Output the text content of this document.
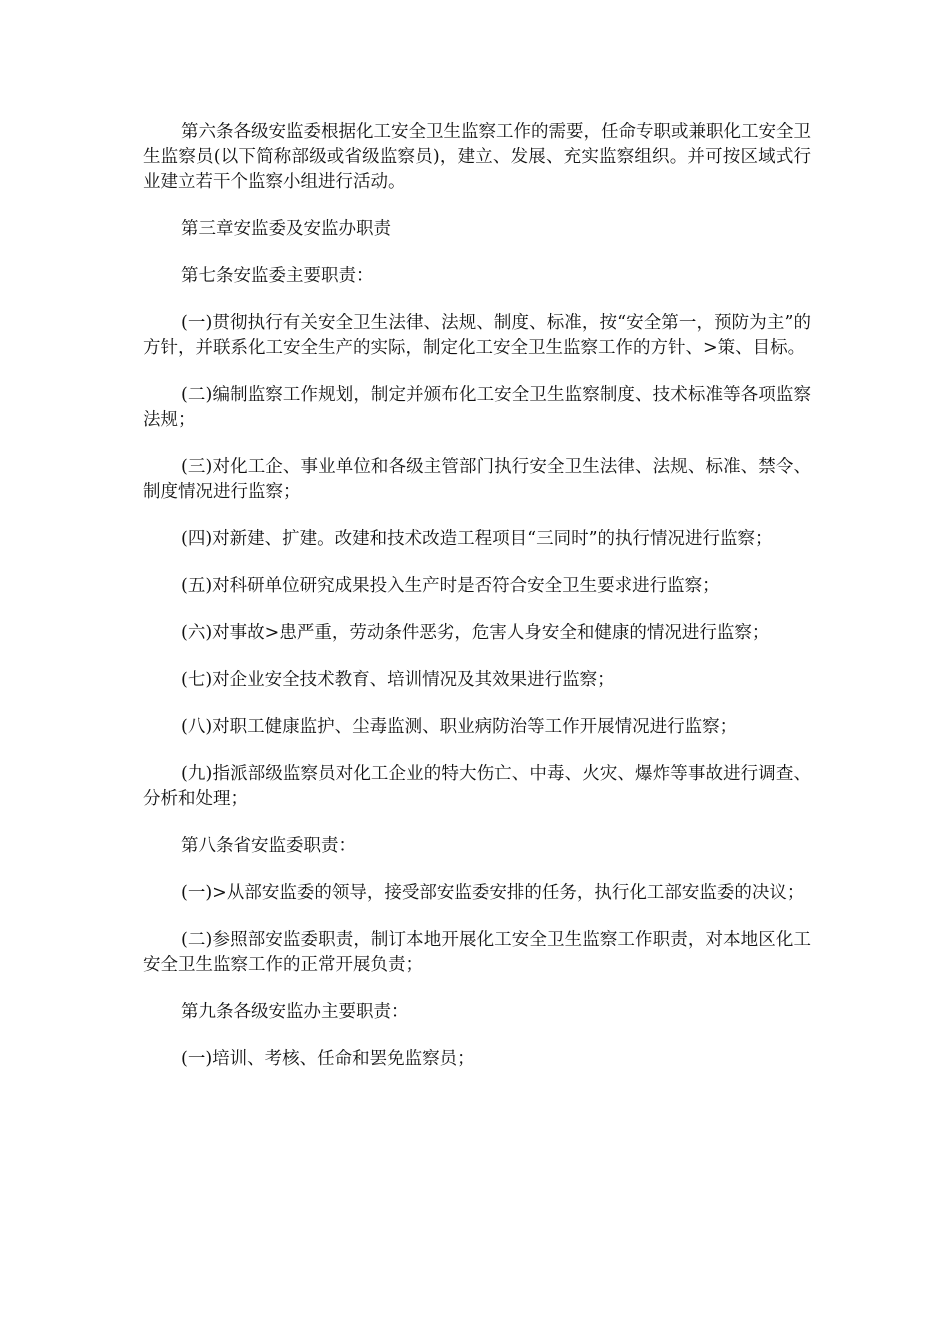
第六条各级安监委根据化工安全卫生监察工作的需要，任命专职或兼职化工安全卫生监察员(以下简称部级或省级监察员)，建立、发展、充实监察组织。并可按区域式行业建立若干个监察小组进行活动。

第三章安监委及安监办职责

第七条安监委主要职责：

(一)贯彻执行有关安全卫生法律、法规、制度、标准，按“安全第一，预防为主”的方针，并联系化工安全生产的实际，制定化工安全卫生监察工作的方针、>策、目标。

(二)编制监察工作规划，制定并颁布化工安全卫生监察制度、技术标准等各项监察法规；

(三)对化工企、事业单位和各级主管部门执行安全卫生法律、法规、标准、禁令、制度情况进行监察；

(四)对新建、扩建。改建和技术改造工程项目“三同时”的执行情况进行监察；

(五)对科研单位研究成果投入生产时是否符合安全卫生要求进行监察；

(六)对事故>患严重，劳动条件恶劣，危害人身安全和健康的情况进行监察；

(七)对企业安全技术教育、培训情况及其效果进行监察；

(八)对职工健康监护、尘毒监测、职业病防治等工作开展情况进行监察；

(九)指派部级监察员对化工企业的特大伤亡、中毒、火灾、爆炸等事故进行调查、分析和处理；

第八条省安监委职责：

(一)>从部安监委的领导，接受部安监委安排的任务，执行化工部安监委的决议；

(二)参照部安监委职责，制订本地开展化工安全卫生监察工作职责，对本地区化工安全卫生监察工作的正常开展负责；

第九条各级安监办主要职责：

(一)培训、考核、任命和罢免监察员；
